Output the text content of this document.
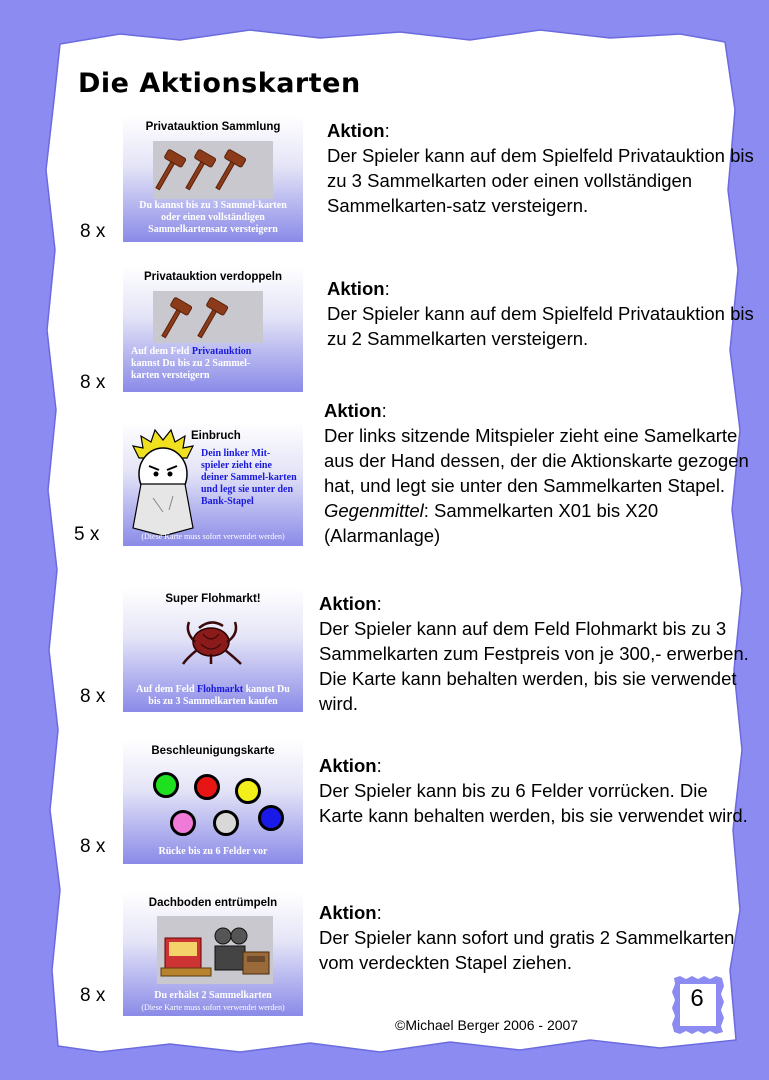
Die Aktionskarten
8 x
Privatauktion Sammlung
Du kannst bis zu 3 Sammel-karten oder einen vollständigen Sammelkartensatz versteigern
Aktion:
Der Spieler kann auf dem Spielfeld Privatauktion bis zu 3 Sammelkarten oder einen vollständigen Sammelkarten-satz versteigern.
8 x
Privatauktion verdoppeln
Auf dem Feld Privatauktion kannst Du bis zu 2 Sammel-karten versteigern
Aktion:
Der Spieler kann auf dem Spielfeld Privatauktion bis zu 2 Sammelkarten versteigern.
5 x
Einbruch
Dein linker Mit-spieler zieht eine deiner Sammel-karten und legt sie unter den Bank-Stapel
(Diese Karte muss sofort verwendet werden)
Aktion:
Der links sitzende Mitspieler zieht eine Samelkarte aus der Hand dessen, der die Aktionskarte gezogen hat, und legt sie unter den Sammelkarten Stapel.
Gegenmittel: Sammelkarten X01 bis X20 (Alarmanlage)
8 x
Super Flohmarkt!
Auf dem Feld Flohmarkt kannst Du bis zu 3 Sammelkarten kaufen
Aktion:
Der Spieler kann auf dem Feld Flohmarkt bis zu 3 Sammelkarten zum Festpreis von je 300,- erwerben. Die Karte kann behalten werden, bis sie verwendet wird.
8 x
Beschleunigungskarte
Rücke bis zu 6 Felder vor
Aktion:
Der Spieler kann bis zu 6 Felder vorrücken. Die Karte kann behalten werden, bis sie verwendet wird.
8 x
Dachboden entrümpeln
Du erhälst 2 Sammelkarten
(Diese Karte muss sofort verwendet werden)
Aktion:
Der Spieler kann sofort und gratis 2 Sammelkarten vom verdeckten Stapel ziehen.
©Michael Berger 2006 - 2007
6
